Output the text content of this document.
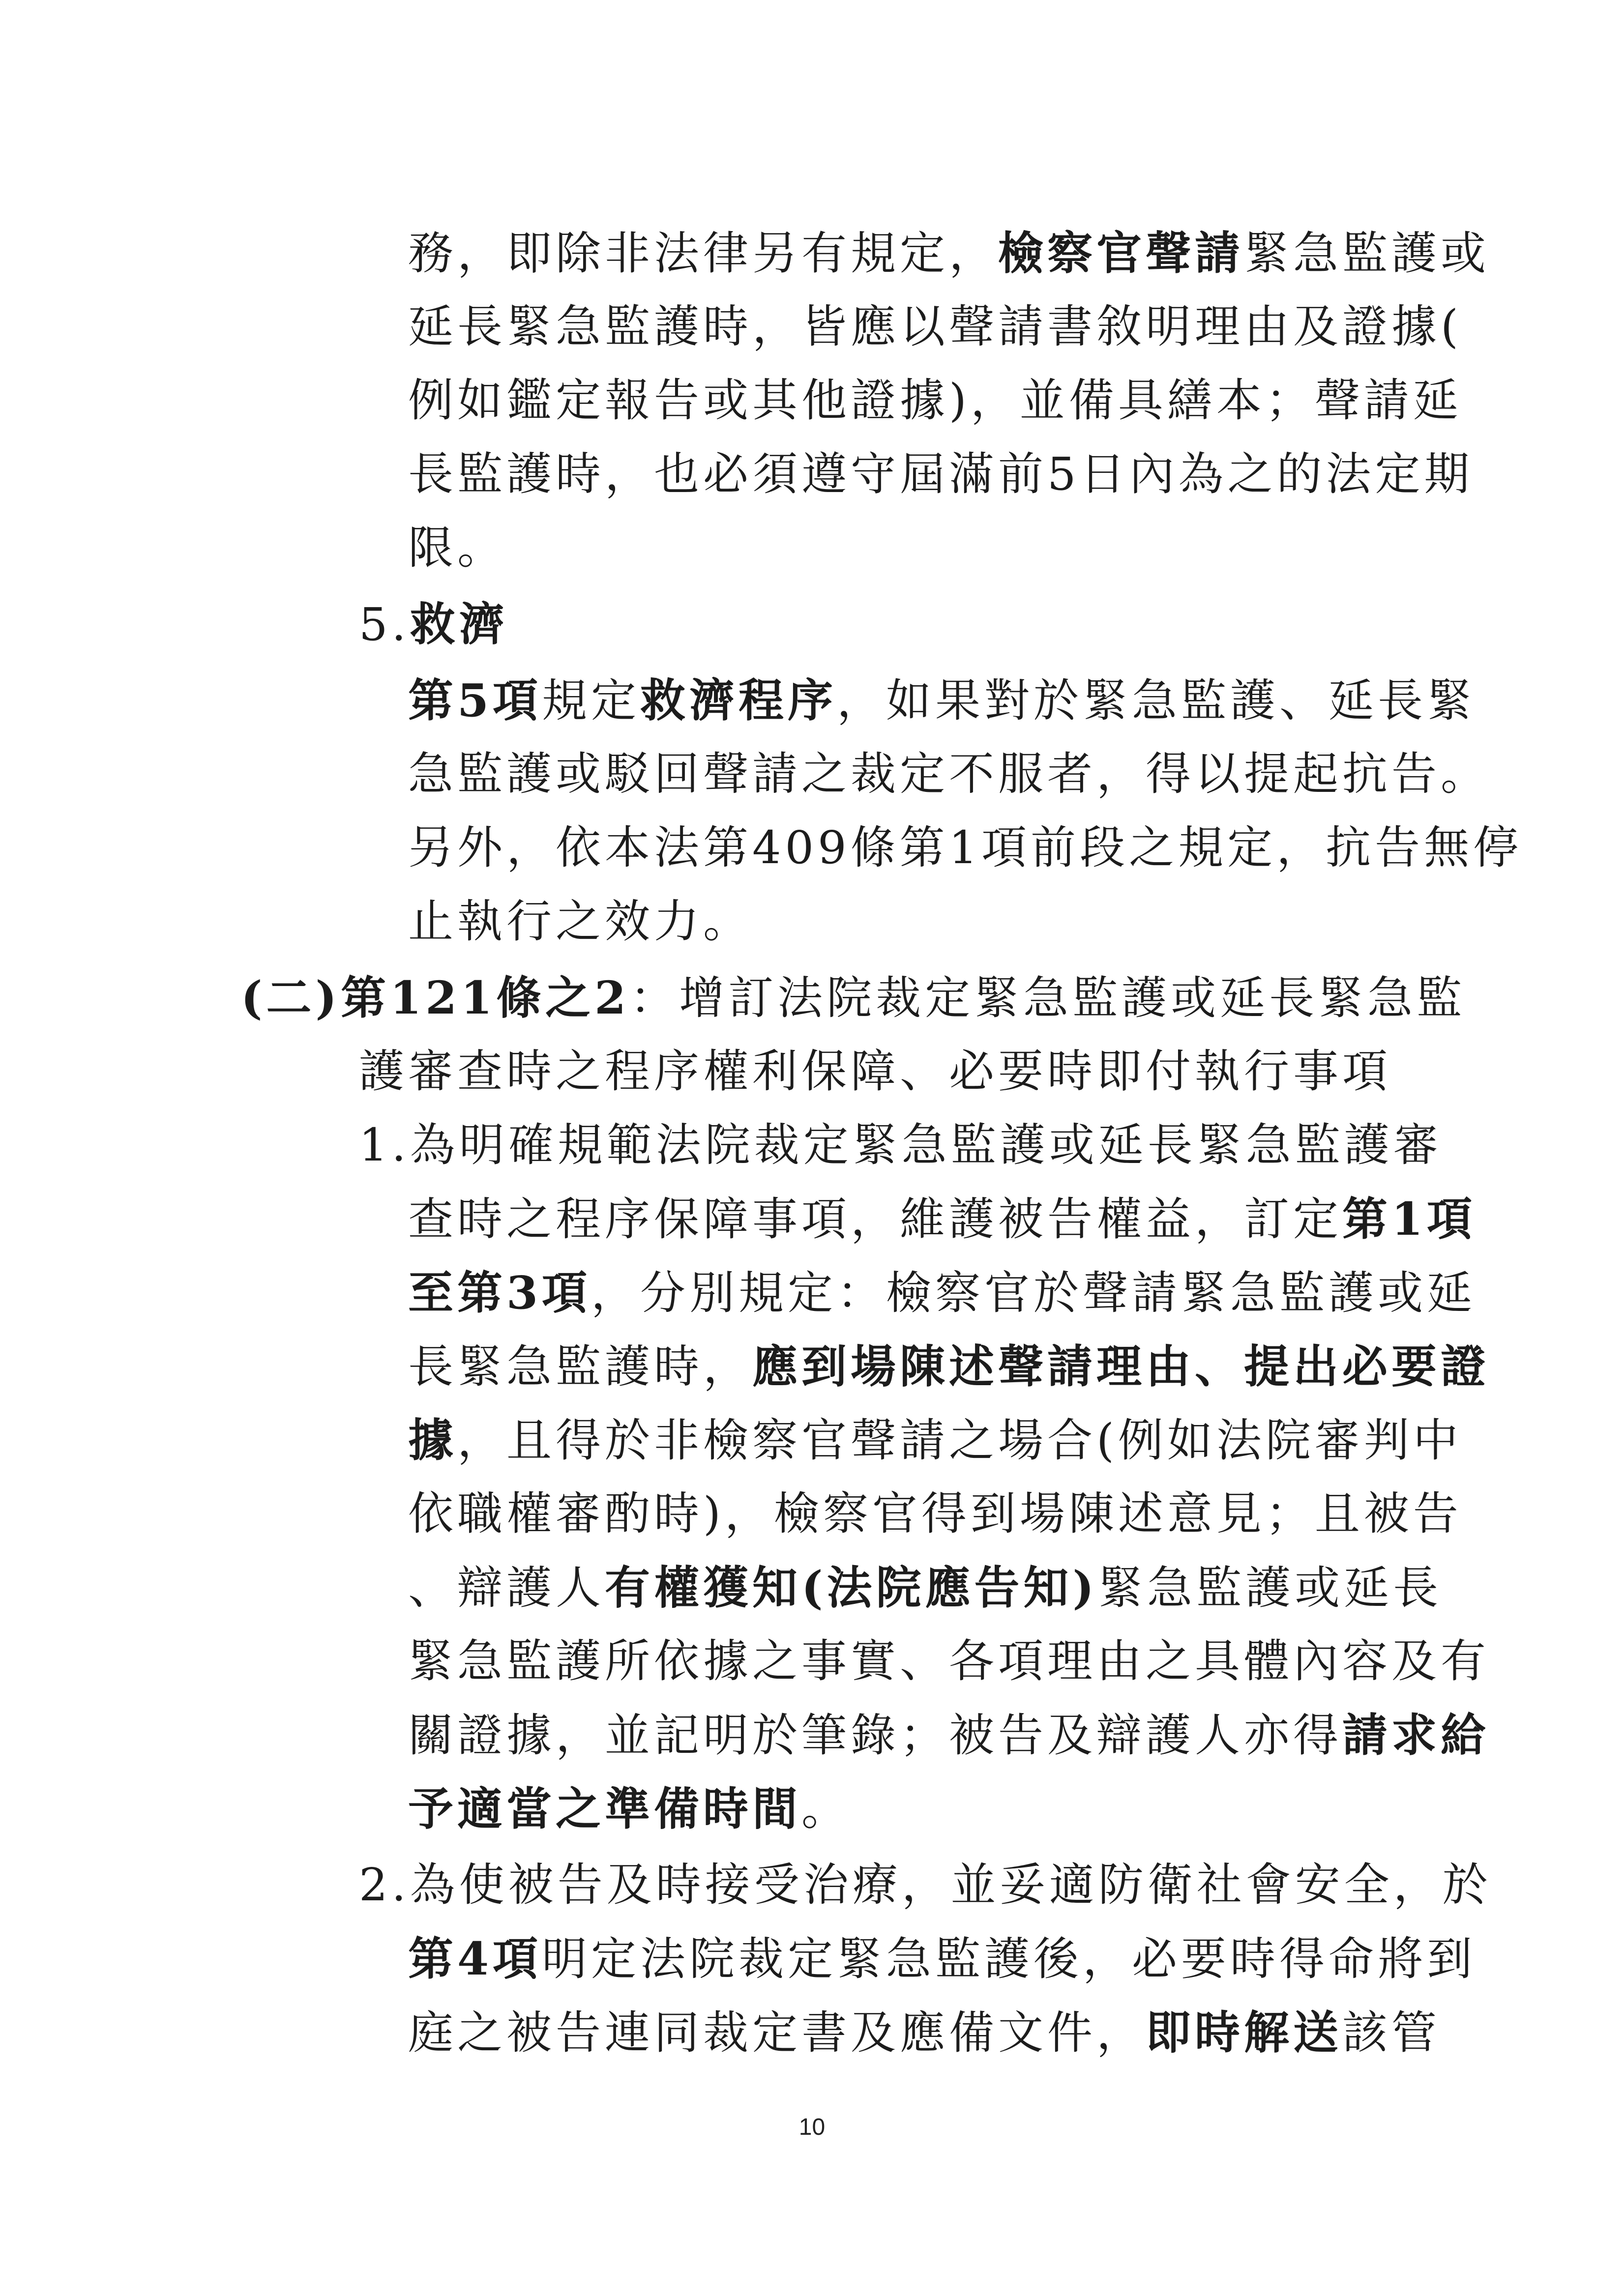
務，即除非法律另有規定，檢察官聲請緊急監護或
延長緊急監護時，皆應以聲請書敘明理由及證據(
例如鑑定報告或其他證據)，並備具繕本；聲請延
長監護時，也必須遵守屆滿前5日內為之的法定期
限。
5.救濟
第5項規定救濟程序，如果對於緊急監護、延長緊
急監護或駁回聲請之裁定不服者，得以提起抗告。
另外，依本法第409條第1項前段之規定，抗告無停
止執行之效力。
(二)第121條之2：增訂法院裁定緊急監護或延長緊急監
護審查時之程序權利保障、必要時即付執行事項
1.為明確規範法院裁定緊急監護或延長緊急監護審
查時之程序保障事項，維護被告權益，訂定第1項
至第3項，分別規定：檢察官於聲請緊急監護或延
長緊急監護時，應到場陳述聲請理由、提出必要證
據，且得於非檢察官聲請之場合(例如法院審判中
依職權審酌時)，檢察官得到場陳述意見；且被告
、辯護人有權獲知(法院應告知)緊急監護或延長
緊急監護所依據之事實、各項理由之具體內容及有
關證據，並記明於筆錄；被告及辯護人亦得請求給
予適當之準備時間。
2.為使被告及時接受治療，並妥適防衛社會安全，於
第4項明定法院裁定緊急監護後，必要時得命將到
庭之被告連同裁定書及應備文件，即時解送該管
10
